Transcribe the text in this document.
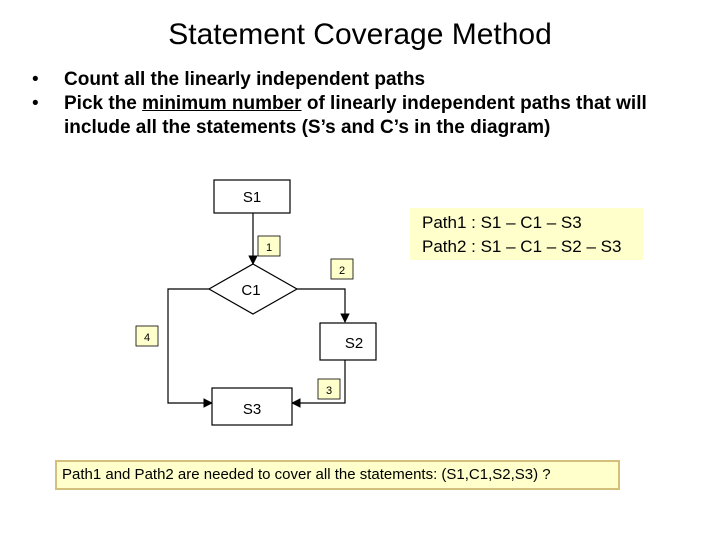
Statement Coverage Method
• Count all the linearly independent paths
• Pick the minimum number of linearly independent paths that will include all the statements (S’s and C’s in the diagram)
S1
C1
S2
S3
1
2
3
4
Path1 : S1 – C1 – S3
Path2 : S1 – C1 – S2 – S3
Path1 and Path2 are needed to cover all the statements: (S1,C1,S2,S3) ?
